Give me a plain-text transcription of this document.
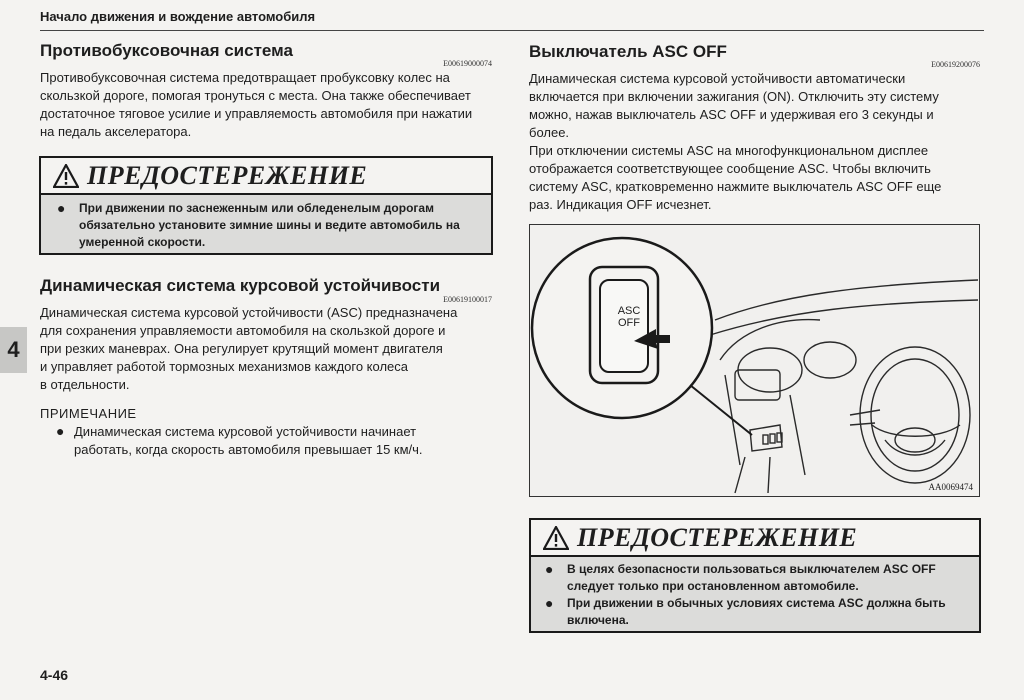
Начало движения и вождение автомобиля
Противобуксовочная система
E00619000074
Противобуксовочная система предотвращает пробуксовку колес на
скользкой дороге, помогая тронуться с места. Она также обеспечивает
достаточное тяговое усилие и управляемость автомобиля при нажатии
на педаль акселератора.
ПРЕДОСТЕРЕЖЕНИЕ
●	При движении по заснеженным или обледенелым дорогам
обязательно установите зимние шины и ведите автомобиль на
умеренной скорости.
Динамическая система курсовой устойчивости
E00619100017
Динамическая система курсовой устойчивости (ASC) предназначена
для сохранения управляемости автомобиля на скользкой дороге и
при резких маневрах. Она регулирует крутящий момент двигателя
и управляет работой тормозных механизмов каждого колеса
в отдельности.
ПРИМЕЧАНИЕ
● Динамическая система курсовой устойчивости начинает
работать, когда скорость автомобиля превышает 15 км/ч.
4
Выключатель ASC OFF
E00619200076
Динамическая система курсовой устойчивости автоматически
включается при включении зажигания (ON). Отключить эту систему
можно, нажав выключатель ASC OFF и удерживая его 3 секунды и
более.
При отключении системы ASC на многофункциональном дисплее
отображается соответствующее сообщение ASC. Чтобы включить
систему ASC, кратковременно нажмите выключатель ASC OFF еще
раз. Индикация OFF исчезнет.
ASC
OFF
AA0069474
ПРЕДОСТЕРЕЖЕНИЕ
●	В целях безопасности пользоваться выключателем ASC OFF
следует только при остановленном автомобиле.
●	При движении в обычных условиях система ASC должна быть
включена.
4-46
